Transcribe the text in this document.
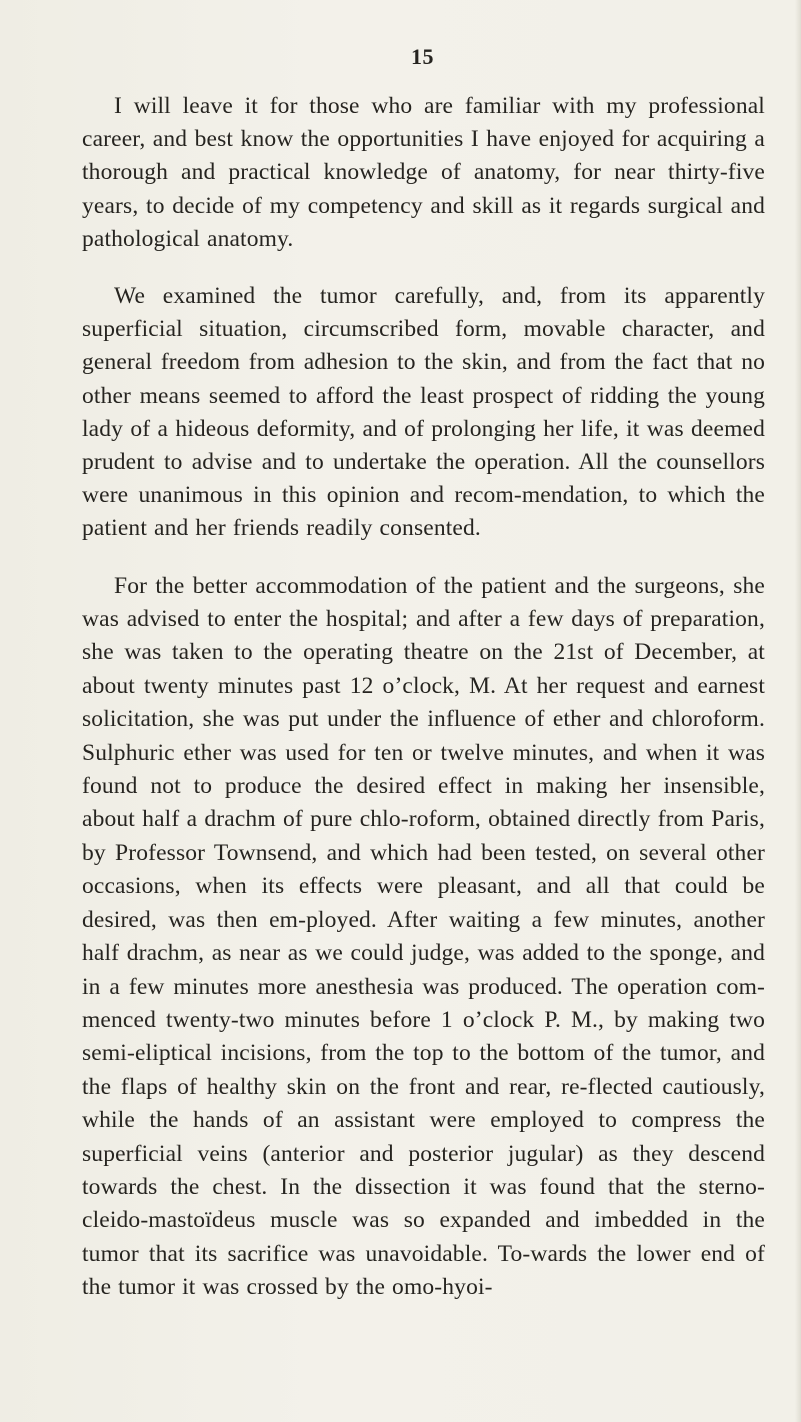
15

I will leave it for those who are familiar with my professional career, and best know the opportunities I have enjoyed for acquiring a thorough and practical knowledge of anatomy, for near thirty-five years, to decide of my competency and skill as it regards surgical and pathological anatomy.

We examined the tumor carefully, and, from its apparently superficial situation, circumscribed form, movable character, and general freedom from adhesion to the skin, and from the fact that no other means seemed to afford the least prospect of ridding the young lady of a hideous deformity, and of prolonging her life, it was deemed prudent to advise and to undertake the operation. All the counsellors were unanimous in this opinion and recom-mendation, to which the patient and her friends readily consented.

For the better accommodation of the patient and the surgeons, she was advised to enter the hospital; and after a few days of preparation, she was taken to the operating theatre on the 21st of December, at about twenty minutes past 12 o’clock, M. At her request and earnest solicitation, she was put under the influence of ether and chloroform. Sulphuric ether was used for ten or twelve minutes, and when it was found not to produce the desired effect in making her insensible, about half a drachm of pure chlo-roform, obtained directly from Paris, by Professor Townsend, and which had been tested, on several other occasions, when its effects were pleasant, and all that could be desired, was then em-ployed. After waiting a few minutes, another half drachm, as near as we could judge, was added to the sponge, and in a few minutes more anesthesia was produced. The operation com-menced twenty-two minutes before 1 o’clock P. M., by making two semi-eliptical incisions, from the top to the bottom of the tumor, and the flaps of healthy skin on the front and rear, re-flected cautiously, while the hands of an assistant were employed to compress the superficial veins (anterior and posterior jugular) as they descend towards the chest. In the dissection it was found that the sterno-cleido-mastoïdeus muscle was so expanded and imbedded in the tumor that its sacrifice was unavoidable. To-wards the lower end of the tumor it was crossed by the omo-hyoi-
